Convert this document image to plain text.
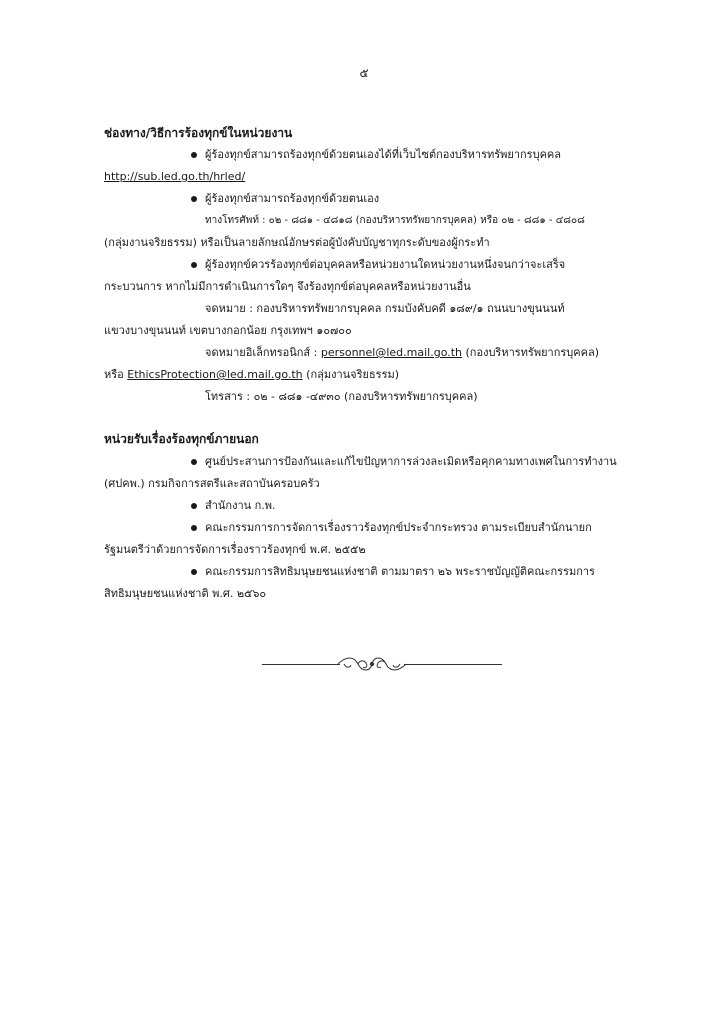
๕
ช่องทาง/วิธีการร้องทุกข์ในหน่วยงาน
ผู้ร้องทุกข์สามารถร้องทุกข์ด้วยตนเองได้ที่เว็บไซต์กองบริหารทรัพยากรบุคคล
http://sub.led.go.th/hrled/
ผู้ร้องทุกข์สามารถร้องทุกข์ด้วยตนเอง
ทางโทรศัพท์ : ๐๒ - ๘๘๑ - ๔๘๑๘ (กองบริหารทรัพยากรบุคคล) หรือ ๐๒ - ๘๘๑ - ๔๘๐๘
(กลุ่มงานจริยธรรม) หรือเป็นลายลักษณ์อักษรต่อผู้บังคับบัญชาทุกระดับของผู้กระทำ
ผู้ร้องทุกข์ควรร้องทุกข์ต่อบุคคลหรือหน่วยงานใดหน่วยงานหนึ่งจนกว่าจะเสร็จ
กระบวนการ หากไม่มีการดำเนินการใดๆ จึงร้องทุกข์ต่อบุคคลหรือหน่วยงานอื่น
จดหมาย : กองบริหารทรัพยากรบุคคล กรมบังคับคดี ๑๘๙/๑ ถนนบางขุนนนท์
แขวงบางขุนนนท์ เขตบางกอกน้อย กรุงเทพฯ ๑๐๗๐๐
จดหมายอิเล็กทรอนิกส์ : personnel@led.mail.go.th (กองบริหารทรัพยากรบุคคล)
หรือ EthicsProtection@led.mail.go.th (กลุ่มงานจริยธรรม)
โทรสาร : ๐๒ - ๘๘๑ -๔๙๓๐ (กองบริหารทรัพยากรบุคคล)
หน่วยรับเรื่องร้องทุกข์ภายนอก
ศูนย์ประสานการป้องกันและแก้ไขปัญหาการล่วงละเมิดหรือคุกคามทางเพศในการทำงาน
(ศปคพ.) กรมกิจการสตรีและสถาบันครอบครัว
สำนักงาน ก.พ.
คณะกรรมการการจัดการเรื่องราวร้องทุกข์ประจำกระทรวง ตามระเบียบสำนักนายก
รัฐมนตรีว่าด้วยการจัดการเรื่องราวร้องทุกข์ พ.ศ. ๒๕๕๒
คณะกรรมการสิทธิมนุษยชนแห่งชาติ ตามมาตรา ๒๖ พระราชบัญญัติคณะกรรมการ
สิทธิมนุษยชนแห่งชาติ พ.ศ. ๒๕๖๐
